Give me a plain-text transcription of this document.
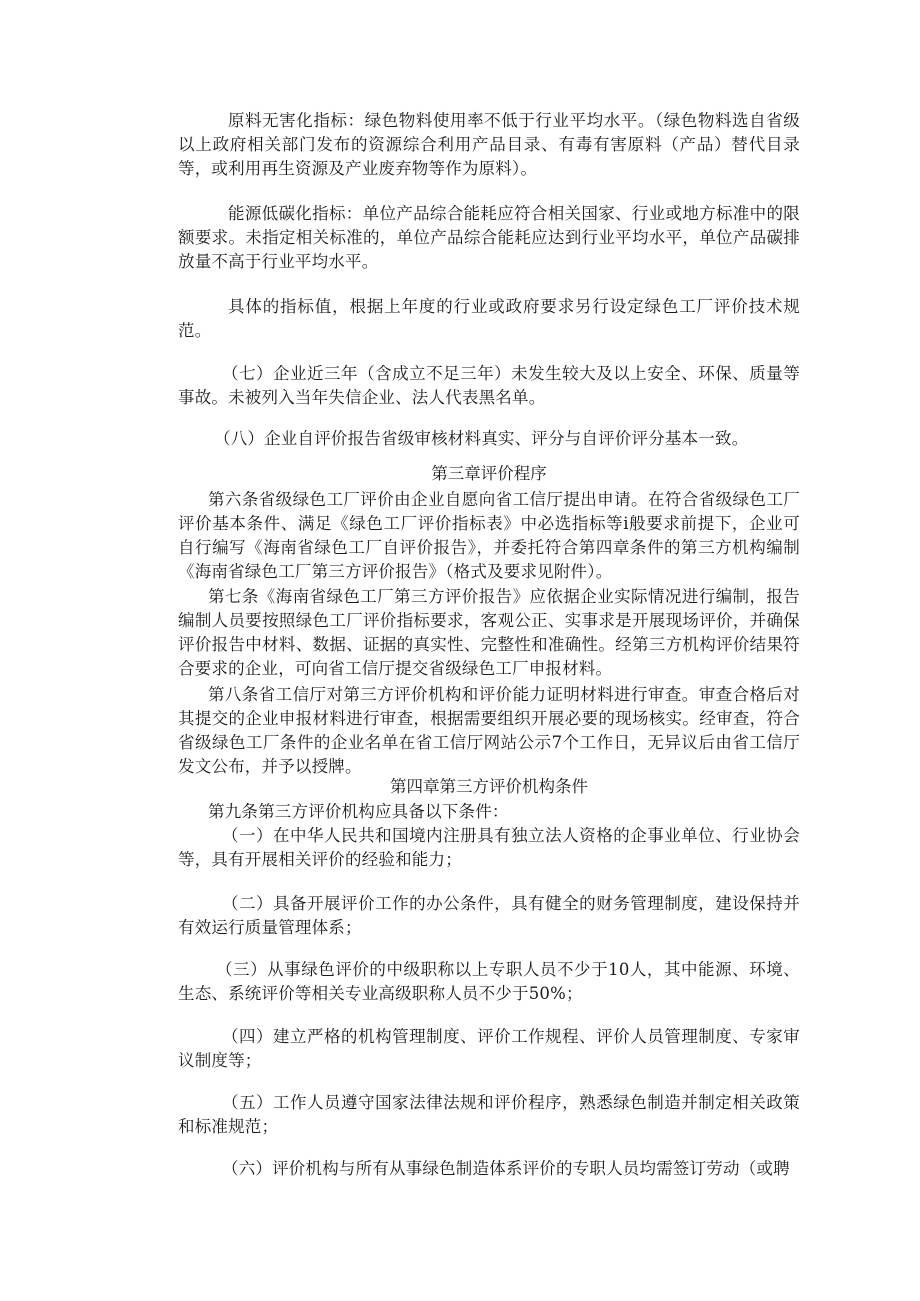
原料无害化指标：绿色物料使用率不低于行业平均水平。（绿色物料选自省级以上政府相关部门发布的资源综合利用产品目录、有毒有害原料（产品）替代目录等，或利用再生资源及产业废弃物等作为原料）。

能源低碳化指标：单位产品综合能耗应符合相关国家、行业或地方标准中的限额要求。未指定相关标准的，单位产品综合能耗应达到行业平均水平，单位产品碳排放量不高于行业平均水平。

具体的指标值，根据上年度的行业或政府要求另行设定绿色工厂评价技术规范。

（七）企业近三年（含成立不足三年）未发生较大及以上安全、环保、质量等事故。未被列入当年失信企业、法人代表黑名单。

（八）企业自评价报告省级审核材料真实、评分与自评价评分基本一致。

第三章评价程序

第六条省级绿色工厂评价由企业自愿向省工信厅提出申请。在符合省级绿色工厂评价基本条件、满足《绿色工厂评价指标表》中必选指标等ⅰ般要求前提下，企业可自行编写《海南省绿色工厂自评价报告》，并委托符合第四章条件的第三方机构编制《海南省绿色工厂第三方评价报告》（格式及要求见附件）。

第七条《海南省绿色工厂第三方评价报告》应依据企业实际情况进行编制，报告编制人员要按照绿色工厂评价指标要求，客观公正、实事求是开展现场评价，并确保评价报告中材料、数据、证据的真实性、完整性和准确性。经第三方机构评价结果符合要求的企业，可向省工信厅提交省级绿色工厂申报材料。

第八条省工信厅对第三方评价机构和评价能力证明材料进行审查。审查合格后对其提交的企业申报材料进行审查，根据需要组织开展必要的现场核实。经审查，符合省级绿色工厂条件的企业名单在省工信厅网站公示7个工作日，无异议后由省工信厅发文公布，并予以授牌。

第四章第三方评价机构条件

第九条第三方评价机构应具备以下条件：

（一）在中华人民共和国境内注册具有独立法人资格的企事业单位、行业协会等，具有开展相关评价的经验和能力；

（二）具备开展评价工作的办公条件，具有健全的财务管理制度，建设保持并有效运行质量管理体系；

（三）从事绿色评价的中级职称以上专职人员不少于10人，其中能源、环境、生态、系统评价等相关专业高级职称人员不少于50%；

（四）建立严格的机构管理制度、评价工作规程、评价人员管理制度、专家审议制度等；

（五）工作人员遵守国家法律法规和评价程序，熟悉绿色制造并制定相关政策和标准规范；

（六）评价机构与所有从事绿色制造体系评价的专职人员均需签订劳动（或聘
